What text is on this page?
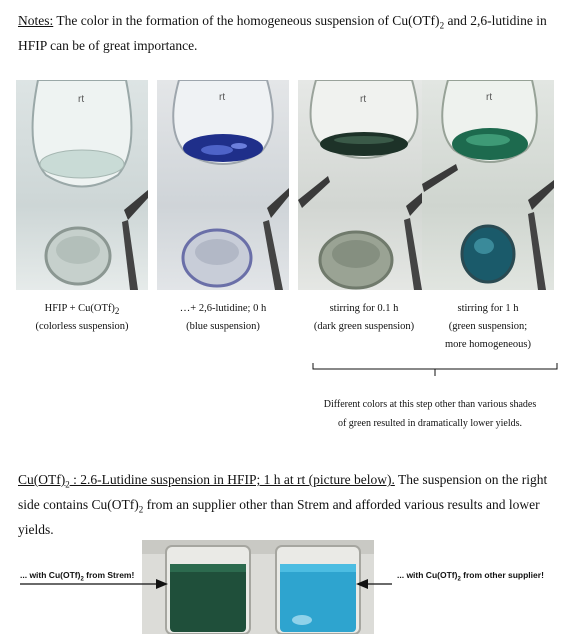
Notes: The color in the formation of the homogeneous suspension of $Cu(OTf)_2$ and 2,6-lutidine in
HFIP can be of great importance.
rt	rt	rt	rt
HFIP + $Cu(OTf)_2$
(colorless suspension)
…+ 2,6-lutidine; 0 h
(blue suspension)
stirring for 0.1 h
(dark green suspension)
stirring for 1 h
(green suspension;
more homogeneous)
Different colors at this step other than various shades
of green resulted in dramatically lower yields.
$Cu(OTf)_2$ : 2.6-Lutidine suspension in HFIP; 1 h at rt (picture below). The suspension on the right
side contains $Cu(OTf)_2$ from an supplier other than Strem and afforded various results and lower
yields.
... with $Cu(OTf)_2$ from Strem!	... with $Cu(OTf)_2$ from other supplier!
